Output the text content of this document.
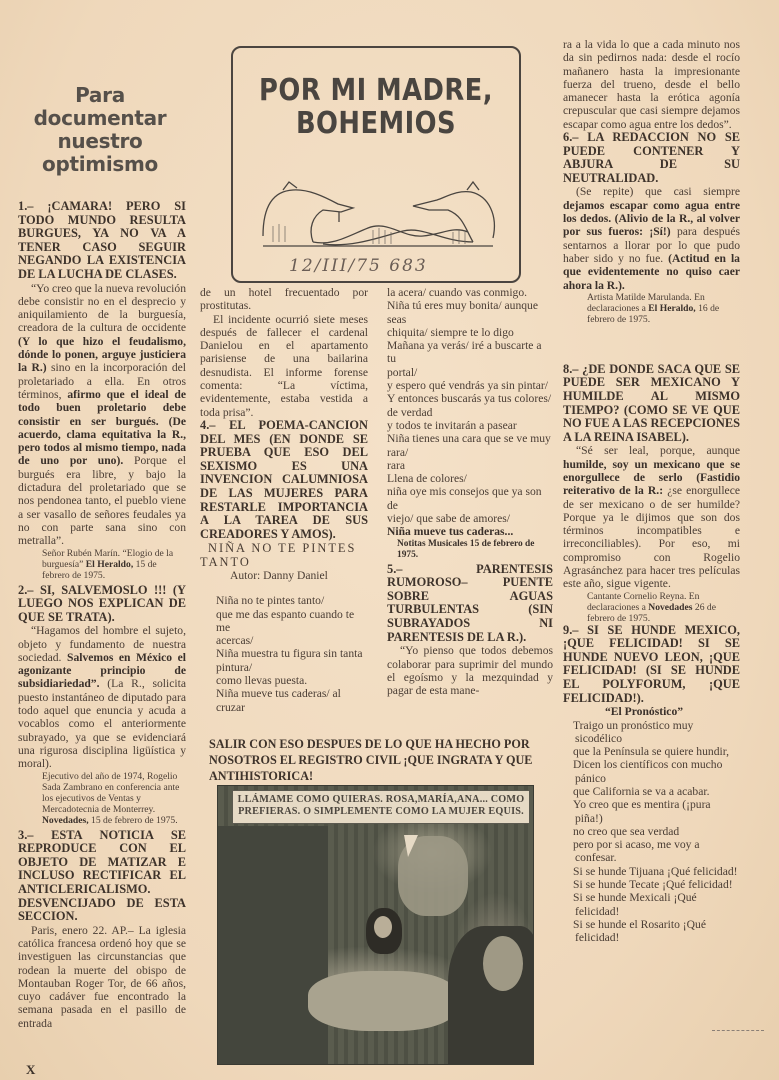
Para
documentar
nuestro
optimismo
POR MI MADRE,
BOHEMIOS
12/III/75 683

1.– ¡CAMARA! PERO SI TODO MUNDO RESULTA BURGUES, YA NO VA A TENER CASO SEGUIR NEGANDO LA EXISTENCIA DE LA LUCHA DE CLASES.

“Yo creo que la nueva revolución debe consistir no en el desprecio y aniquilamiento de la burguesía, creadora de la cultura de occidente (Y lo que hizo el feudalismo, dónde lo ponen, arguye justiciera la R.) sino en la incorporación del proletariado a ella. En otros términos, afirmo que el ideal de todo buen proletario debe consistir en ser burgués. (De acuerdo, clama equitativa la R., pero todos al mismo tiempo, nada de uno por uno). Porque el burgués era libre, y bajo la dictadura del proletariado que se nos pendonea tanto, el pueblo viene a ser vasallo de señores feudales ya no con parte sana sino con metralla”.

Señor Rubén Marín. “Elogio de la burguesía” El Heraldo, 15 de febrero de 1975.

2.– SI, SALVEMOSLO !!! (Y LUEGO NOS EXPLICAN DE QUE SE TRATA).

“Hagamos del hombre el sujeto, objeto y fundamento de nuestra sociedad. Salvemos en México el agonizante principio de subsidiariedad”. (La R., solicita puesto instantáneo de diputado para todo aquel que enuncia y acuda a vocablos como el anteriormente subrayado, ya que se evidenciará una rigurosa disciplina ligüística y moral).

Ejecutivo del año de 1974, Rogelio Sada Zambrano en conferencia ante los ejecutivos de Ventas y Mercadotecnia de Monterrey. Novedades, 15 de febrero de 1975.

3.– ESTA NOTICIA SE REPRODUCE CON EL OBJETO DE MATIZAR E INCLUSO RECTIFICAR EL ANTICLERICALISMO. DESVENCIJADO DE ESTA SECCION.

Paris, enero 22. AP.– La iglesia católica francesa ordenó hoy que se investiguen las circunstancias que rodean la muerte del obispo de Montauban Roger Tor, de 66 años, cuyo cadáver fue encontrado la semana pasada en el pasillo de entrada

X

de un hotel frecuentado por prostitutas.

El incidente ocurrió siete meses después de fallecer el cardenal Danielou en el apartamento parisiense de una bailarina desnudista. El informe forense comenta: “La víctima, evidentemente, estaba vestida a toda prisa”.

4.– EL POEMA-CANCION DEL MES (EN DONDE SE PRUEBA QUE ESO DEL SEXISMO ES UNA INVENCION CALUMNIOSA DE LAS MUJERES PARA RESTARLE IMPORTANCIA A LA TAREA DE SUS CREADORES Y AMOS).

NIÑA NO TE PINTES TANTO

Autor: Danny Daniel

Niña no te pintes tanto/
que me das espanto cuando te me
acercas/
Niña muestra tu figura sin tanta
pintura/
como llevas puesta.
Niña mueve tus caderas/ al cruzar
la acera/ cuando vas conmigo.
Niña tú eres muy bonita/ aunque seas
chiquita/ siempre te lo digo
Mañana ya verás/ iré a buscarte a tu
portal/
y espero qué vendrás ya sin pintar/
Y entonces buscarás ya tus colores/
de verdad
y todos te invitarán a pasear
Niña tienes una cara que se ve muy rara/
rara
Llena de colores/
niña oye mis consejos que ya son de
viejo/ que sabe de amores/
Niña mueve tus caderas...

Notitas Musicales 15 de febrero de 1975.

5.– PARENTESIS RUMOROSO– PUENTE SOBRE AGUAS TURBULENTAS (SIN SUBRAYADOS NI PARENTESIS DE LA R.).

“Yo pienso que todos debemos colaborar para suprimir del mundo el egoísmo y la mezquindad y pagar de esta mane-

ra a la vida lo que a cada minuto nos da sin pedirnos nada: desde el rocío mañanero hasta la impresionante fuerza del trueno, desde el bello amanecer hasta la erótica agonía crepuscular que casi siempre dejamos escapar como agua entre los dedos”.

6.– LA REDACCION NO SE PUEDE CONTENER Y ABJURA DE SU NEUTRALIDAD.

(Se repite) que casi siempre dejamos escapar como agua entre los dedos. (Alivio de la R., al volver por sus fueros: ¡Sí!) para después sentarnos a llorar por lo que pudo haber sido y no fue. (Actitud en la que evidentemente no quiso caer ahora la R.).

Artista Matilde Marulanda. En declaraciones a El Heraldo, 16 de febrero de 1975.

8.– ¿DE DONDE SACA QUE SE PUEDE SER MEXICANO Y HUMILDE AL MISMO TIEMPO? (COMO SE VE QUE NO FUE A LAS RECEPCIONES A LA REINA ISABEL).

“Sé ser leal, porque, aunque humilde, soy un mexicano que se enorgullece de serlo (Fastidio reiterativo de la R.: ¿se enorgullece de ser mexicano o de ser humilde? Porque ya le dijimos que son dos términos incompatibles e irreconciliables). Por eso, mi compromiso con Rogelio Agrasánchez para hacer tres películas este año, sigue vigente.

Cantante Cornelio Reyna. En declaraciones a Novedades 26 de febrero de 1975.

9.– SI SE HUNDE MEXICO, ¡QUE FELICIDAD! SI SE HUNDE NUEVO LEON, ¡QUE FELICIDAD! (SI SE HUNDE EL POLYFORUM, ¡QUE FELICIDAD!).

“El Pronóstico”

Traigo un pronóstico muy sicodélico
que la Península se quiere hundir,
Dicen los científicos con mucho pánico
que California se va a acabar.
Yo creo que es mentira (¡pura piña!)
no creo que sea verdad
pero por si acaso, me voy a confesar.
Si se hunde Tijuana ¡Qué felicidad!
Si se hunde Tecate ¡Qué felicidad!
Si se hunde Mexicali ¡Qué felicidad!
Si se hunde el Rosarito ¡Qué felicidad!
SALIR CON ESO DESPUES DE LO QUE HA HECHO POR NOSOTROS EL REGISTRO CIVIL ¡QUE INGRATA Y QUE ANTIHISTORICA!
LLÁMAME COMO QUIERAS. ROSA,MARÍA,ANA... COMO PREFIERAS. O SIMPLEMENTE COMO LA MUJER EQUIS.
